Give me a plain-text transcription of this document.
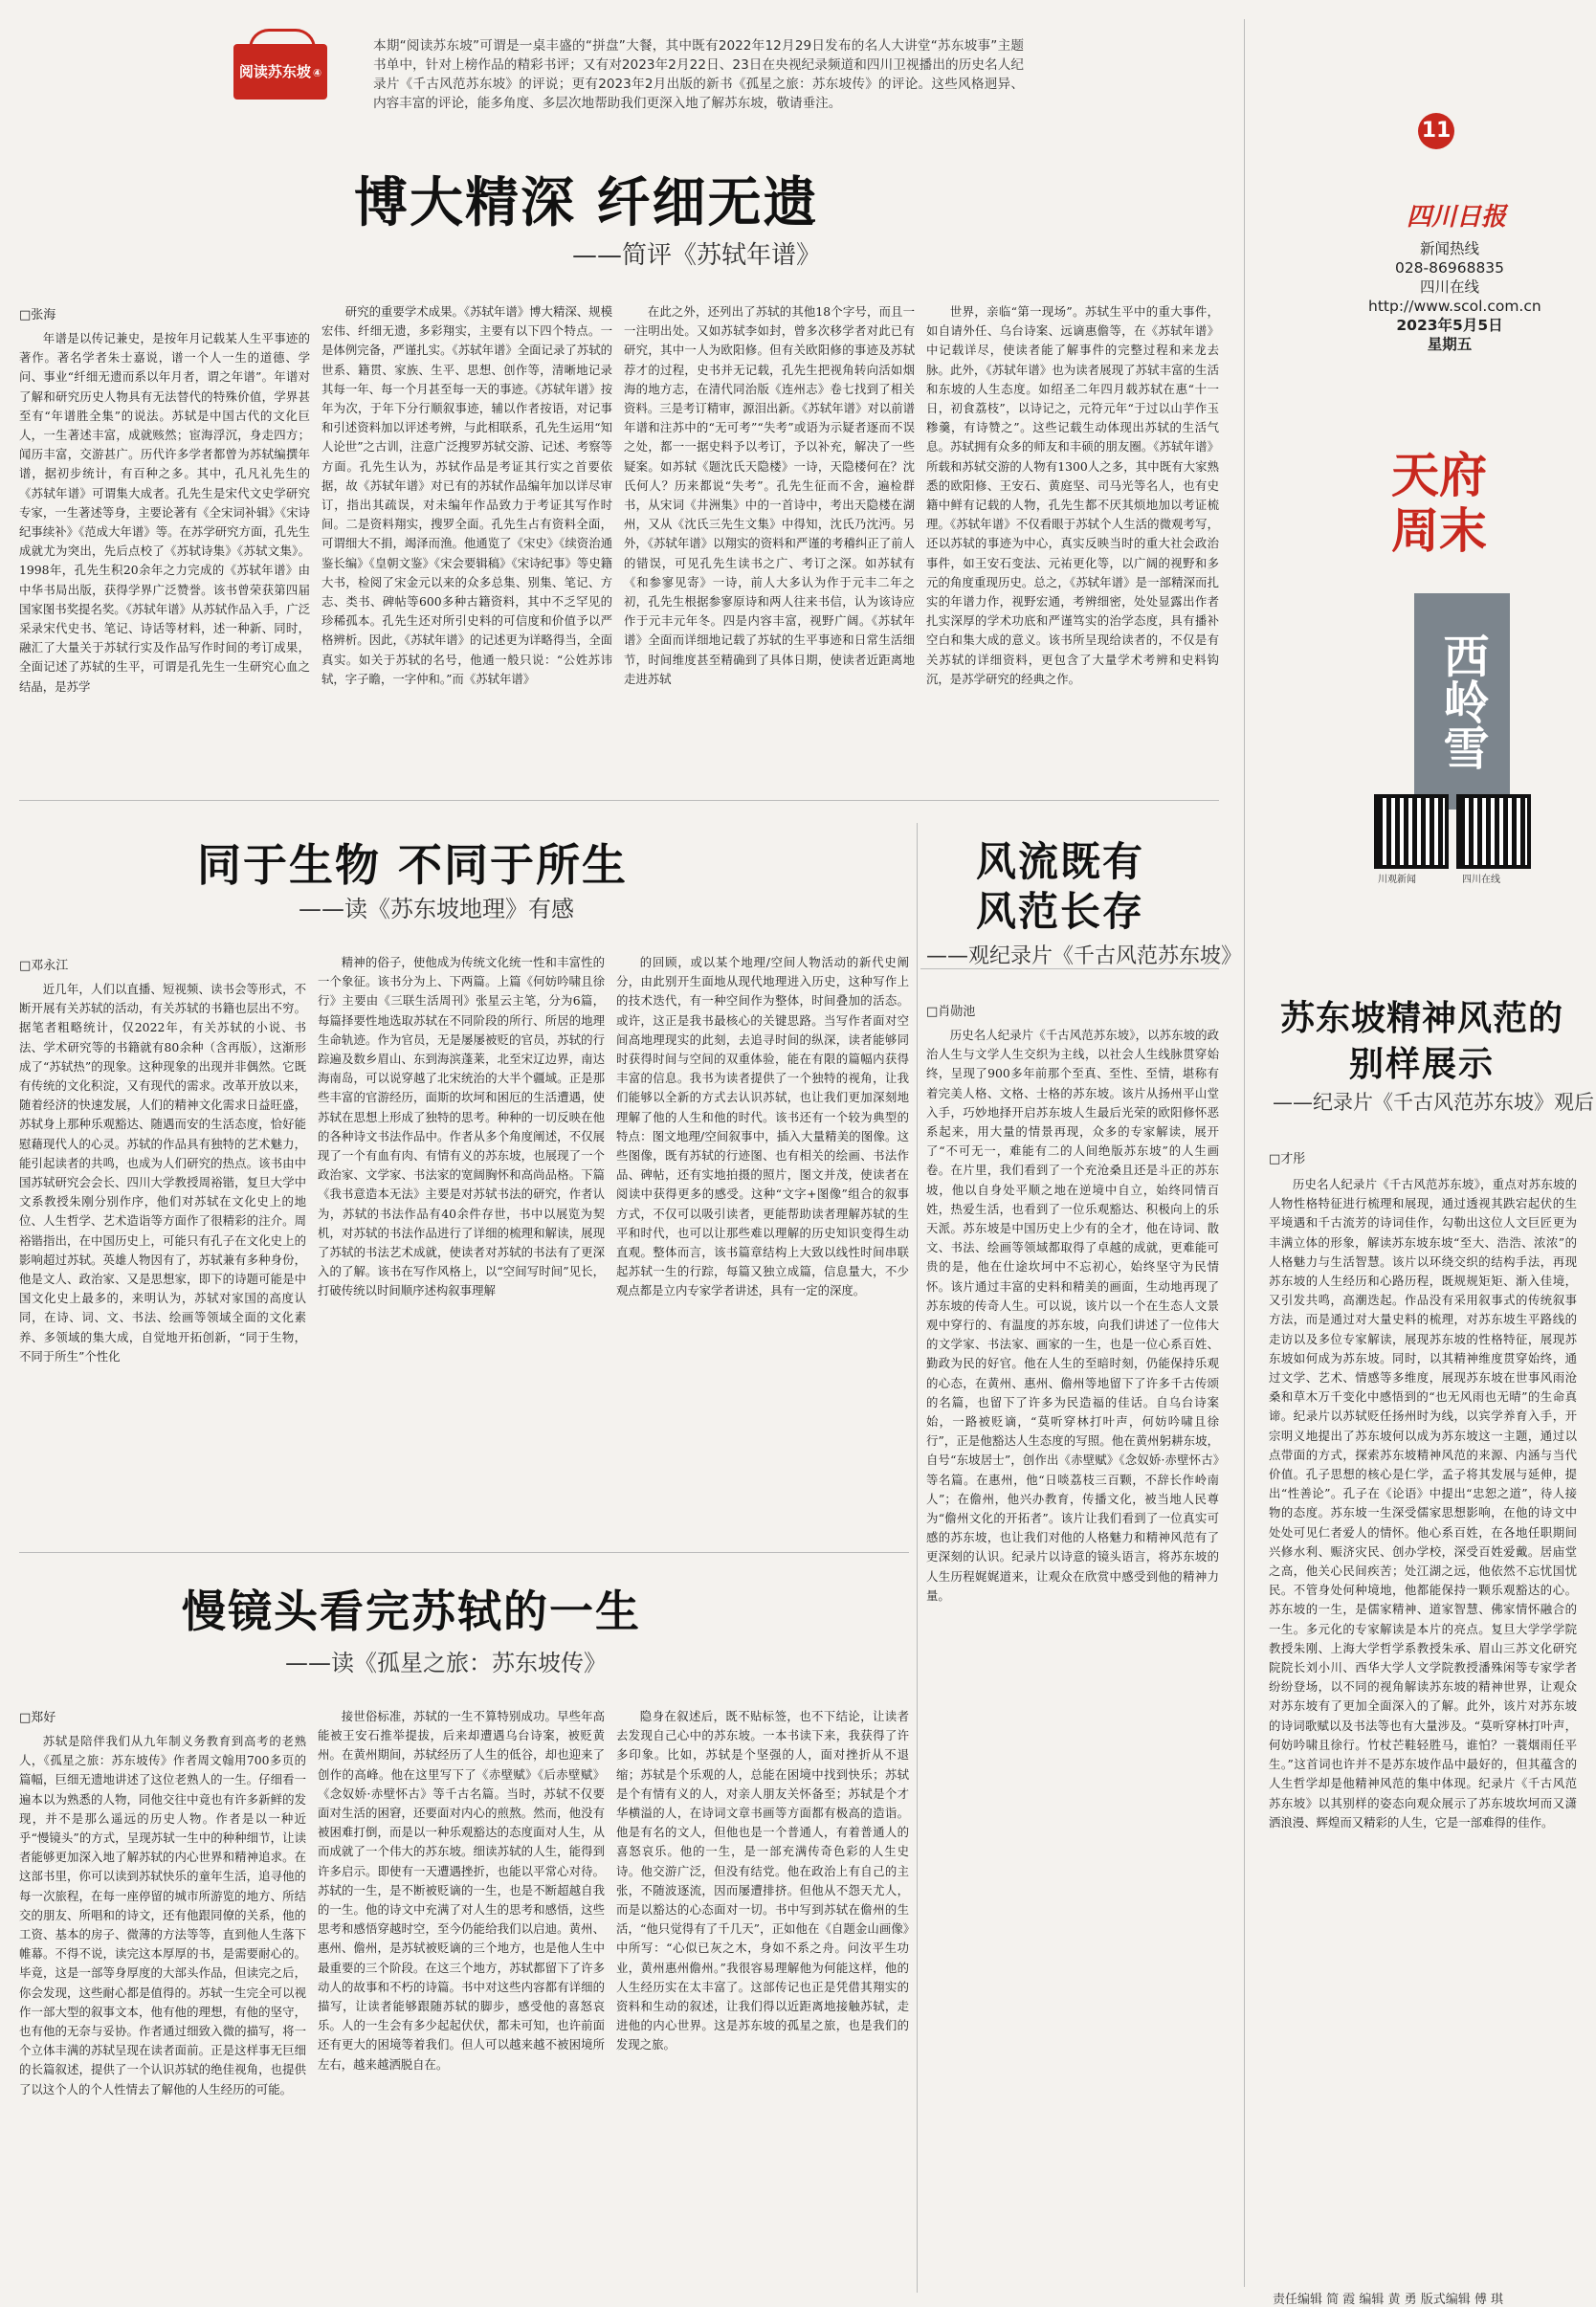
阅读苏东坡 ④
本期“阅读苏东坡”可谓是一桌丰盛的“拼盘”大餐，其中既有2022年12月29日发布的名人大讲堂“苏东坡事”主题书单中，针对上榜作品的精彩书评；又有对2023年2月22日、23日在央视纪录频道和四川卫视播出的历史名人纪录片《千古风范苏东坡》的评说；更有2023年2月出版的新书《孤星之旅：苏东坡传》的评论。这些风格迥异、内容丰富的评论，能多角度、多层次地帮助我们更深入地了解苏东坡，敬请垂注。
博大精深 纤细无遗
——简评《苏轼年谱》
□张海

年谱是以传记兼史，是按年月记载某人生平事迹的著作。著名学者朱士嘉说，谱一个人一生的道德、学问、事业“纤细无遗而系以年月者，谓之年谱”。年谱对了解和研究历史人物具有无法替代的特殊价值，学界甚至有“年谱胜全集”的说法。苏轼是中国古代的文化巨人，一生著述丰富，成就赅然；宦海浮沉，身走四方；闻历丰富，交游甚广。历代许多学者都曾为苏轼编撰年谱，据初步统计，有百种之多。其中，孔凡礼先生的《苏轼年谱》可谓集大成者。孔先生是宋代文史学研究专家，一生著述等身，主要论著有《全宋词补辑》《宋诗纪事续补》《范成大年谱》等。在苏学研究方面，孔先生成就尤为突出，先后点校了《苏轼诗集》《苏轼文集》。1998年，孔先生积20余年之力完成的《苏轼年谱》由中华书局出版，获得学界广泛赞誉。该书曾荣获第四届国家图书奖提名奖。《苏轼年谱》从苏轼作品入手，广泛采录宋代史书、笔记、诗话等材料，述一种新、同时，融汇了大量关于苏轼行实及作品写作时间的考订成果，全面记述了苏轼的生平，可谓是孔先生一生研究心血之结晶，是苏学

研究的重要学术成果。《苏轼年谱》博大精深、规模宏伟、纤细无遗，多彩翔实，主要有以下四个特点。一是体例完备，严谨扎实。《苏轼年谱》全面记录了苏轼的世系、籍贯、家族、生平、思想、创作等，清晰地记录其每一年、每一个月甚至每一天的事迹。《苏轼年谱》按年为次，于年下分行顺叙事迹，辅以作者按语，对记事和引述资料加以评述考辨，与此相联系，孔先生运用“知人论世”之古训，注意广泛搜罗苏轼交游、记述、考察等方面。孔先生认为，苏轼作品是考证其行实之首要依据，故《苏轼年谱》对已有的苏轼作品编年加以详尽审订，指出其疏误，对未编年作品致力于考证其写作时间。二是资料翔实，搜罗全面。孔先生占有资料全面，可谓细大不捐，竭泽而渔。他通览了《宋史》《续资治通鉴长编》《皇朝文鉴》《宋会要辑稿》《宋诗纪事》等史籍大书，检阅了宋金元以来的众多总集、别集、笔记、方志、类书、碑帖等600多种古籍资料，其中不乏罕见的珍稀孤本。孔先生还对所引史料的可信度和价值予以严格辨析。因此，《苏轼年谱》的记述更为详略得当，全面真实。如关于苏轼的名号，他通一般只说：“公姓苏讳轼，字子瞻，一字仲和。”而《苏轼年谱》

在此之外，还列出了苏轼的其他18个字号，而且一一注明出处。又如苏轼李如封，曾多次移学者对此已有研究，其中一人为欧阳修。但有关欧阳修的事迹及苏轼荐才的过程，史书并无记载，孔先生把视角转向活如烟海的地方志，在清代同治版《连州志》卷七找到了相关资料。三是考订精审，源泪出新。《苏轼年谱》对以前谱年谱和注苏中的“无可考”“失考”或语为示疑者逐而不误之处，都一一据史料予以考订，予以补充，解决了一些疑案。如苏轼《题沈氏天隐楼》一诗，天隐楼何在？沈氏何人？历来都说“失考”。孔先生征而不舍，遍检群书，从宋词《井洲集》中的一首诗中，考出天隐楼在湖州，又从《沈氏三先生文集》中得知，沈氏乃沈沔。另外，《苏轼年谱》以翔实的资料和严谨的考稽纠正了前人的错误，可见孔先生读书之广、考订之深。如苏轼有《和参寥见寄》一诗，前人大多认为作于元丰二年之初，孔先生根据参寥原诗和两人往来书信，认为该诗应作于元丰元年冬。四是内容丰富，视野广阔。《苏轼年谱》全面而详细地记载了苏轼的生平事迹和日常生活细节，时间维度甚至精确到了具体日期，使读者近距离地走进苏轼

世界，亲临“第一现场”。苏轼生平中的重大事件，如自请外任、乌台诗案、远谪惠儋等，在《苏轼年谱》中记载详尽，使读者能了解事件的完整过程和来龙去脉。此外，《苏轼年谱》也为读者展现了苏轼丰富的生活和东坡的人生态度。如绍圣二年四月载苏轼在惠“十一日，初食荔枝”，以诗记之，元符元年“于过以山芋作玉糁羹，有诗赞之”。这些记载生动体现出苏轼的生活气息。苏轼拥有众多的师友和丰硕的朋友圈。《苏轼年谱》所载和苏轼交游的人物有1300人之多，其中既有大家熟悉的欧阳修、王安石、黄庭坚、司马光等名人，也有史籍中鲜有记载的人物，孔先生都不厌其烦地加以考证梳理。《苏轼年谱》不仅看眼于苏轼个人生活的微观考写，还以苏轼的事迹为中心，真实反映当时的重大社会政治事件，如王安石变法、元祐更化等，以广阔的视野和多元的角度重现历史。总之，《苏轼年谱》是一部精深而扎实的年谱力作，视野宏通，考辨细密，处处显露出作者扎实深厚的学术功底和严谨笃实的治学态度，具有播补空白和集大成的意义。该书所呈现给读者的，不仅是有关苏轼的详细资料，更包含了大量学术考辨和史料钩沉，是苏学研究的经典之作。

同于生物 不同于所生
——读《苏东坡地理》有感
□邓永江

近几年，人们以直播、短视频、读书会等形式，不断开展有关苏轼的活动，有关苏轼的书籍也层出不穷。据笔者粗略统计，仅2022年，有关苏轼的小说、书法、学术研究等的书籍就有80余种（含再版），这渐形成了“苏轼热”的现象。这种现象的出现并非偶然。它既有传统的文化积淀，又有现代的需求。改革开放以来，随着经济的快速发展，人们的精神文化需求日益旺盛，苏轼身上那种乐观豁达、随遇而安的生活态度，恰好能慰藉现代人的心灵。苏轼的作品具有独特的艺术魅力，能引起读者的共鸣，也成为人们研究的热点。该书由中国苏轼研究会会长、四川大学教授周裕锴，复旦大学中文系教授朱刚分别作序，他们对苏轼在文化史上的地位、人生哲学、艺术造诣等方面作了很精彩的注介。周裕锴指出，在中国历史上，可能只有孔子在文化史上的影响超过苏轼。英雄人物因有了，苏轼兼有多种身份，他是文人、政治家、又是思想家，即下的诗题可能是中国文化史上最多的，来明认为，苏轼对家国的高度认同，在诗、词、文、书法、绘画等领域全面的文化素养、多领域的集大成，自觉地开拓创新，“同于生物，不同于所生”个性化

精神的俗子，使他成为传统文化统一性和丰富性的一个象征。该书分为上、下两篇。上篇《何妨吟啸且徐行》主要由《三联生活周刊》张星云主笔，分为6篇，每篇择要性地选取苏轼在不同阶段的所行、所居的地理生命轨迹。作为官员，无是屡屡被贬的官员，苏轼的行踪遍及数乡眉山、东到海滨蓬莱，北至宋辽边界，南达海南岛，可以说穿越了北宋统治的大半个疆域。正是那些丰富的官游经历，面斯的坎坷和困厄的生活遭遇，使苏轼在思想上形成了独特的思考。种种的一切反映在他的各种诗文书法作品中。作者从多个角度阐述，不仅展现了一个有血有肉、有情有义的苏东坡，也展现了一个政治家、文学家、书法家的宽阔胸怀和高尚品格。下篇《我书意造本无法》主要是对苏轼书法的研究，作者认为，苏轼的书法作品有40余件存世，书中以展览为契机，对苏轼的书法作品进行了详细的梳理和解读，展现了苏轼的书法艺术成就，使读者对苏轼的书法有了更深入的了解。该书在写作风格上，以“空间写时间”见长，打破传统以时间顺序述构叙事理解

的回顾，或以某个地理/空间人物活动的新代史阐分，由此别开生面地从现代地理进入历史，这种写作上的技术迭代，有一种空间作为整体，时间叠加的活态。或许，这正是我书最核心的关键思路。当写作者面对空间高地理现实的此刻，去追寻时间的纵深，读者能够同时获得时间与空间的双重体验，能在有限的篇幅内获得丰富的信息。我书为读者提供了一个独特的视角，让我们能够以全新的方式去认识苏轼，也让我们更加深刻地理解了他的人生和他的时代。该书还有一个较为典型的特点：图文地理/空间叙事中，插入大量精美的图像。这些图像，既有苏轼的行迹图、也有相关的绘画、书法作品、碑帖，还有实地拍摄的照片，图文并茂，使读者在阅读中获得更多的感受。这种“文字+图像”组合的叙事方式，不仅可以吸引读者，更能帮助读者理解苏轼的生平和时代，也可以让那些难以理解的历史知识变得生动直观。整体而言，该书篇章结构上大致以线性时间串联起苏轼一生的行踪，每篇又独立成篇，信息量大，不少观点都是立内专家学者讲述，具有一定的深度。

风流既有
风范长存
——观纪录片《千古风范苏东坡》
□肖勋池

历史名人纪录片《千古风范苏东坡》，以苏东坡的政治人生与文学人生交织为主线，以社会人生线脉贯穿始终，呈现了900多年前那个至真、至性、至情，堪称有着完美人格、文格、士格的苏东坡。该片从扬州平山堂入手，巧妙地择开启苏东坡人生最后光荣的欧阳修怀恶系起来，用大量的情景再现，众多的专家解读，展开了“不可无一，难能有二的人间绝版苏东坡”的人生画卷。在片里，我们看到了一个充沧桑且还是斗正的苏东坡，他以自身处平顺之地在逆境中自立，始终同情百姓，热爱生活，也看到了一位乐观豁达、积极向上的乐天派。苏东坡是中国历史上少有的全才，他在诗词、散文、书法、绘画等领域都取得了卓越的成就，更难能可贵的是，他在仕途坎坷中不忘初心，始终坚守为民情怀。该片通过丰富的史料和精美的画面，生动地再现了苏东坡的传奇人生。可以说，该片以一个在生态人文景观中穿行的、有温度的苏东坡，向我们讲述了一位伟大的文学家、书法家、画家的一生，也是一位心系百姓、勤政为民的好官。他在人生的至暗时刻，仍能保持乐观的心态，在黄州、惠州、儋州等地留下了许多千古传颂的名篇，也留下了许多为民造福的佳话。自乌台诗案始，一路被贬谪，“莫听穿林打叶声，何妨吟啸且徐行”，正是他豁达人生态度的写照。他在黄州躬耕东坡，自号“东坡居士”，创作出《赤壁赋》《念奴娇·赤壁怀古》等名篇。在惠州，他“日啖荔枝三百颗，不辞长作岭南人”；在儋州，他兴办教育，传播文化，被当地人民尊为“儋州文化的开拓者”。该片让我们看到了一位真实可感的苏东坡，也让我们对他的人格魅力和精神风范有了更深刻的认识。纪录片以诗意的镜头语言，将苏东坡的人生历程娓娓道来，让观众在欣赏中感受到他的精神力量。

苏东坡精神风范的
别样展示
——纪录片《千古风范苏东坡》观后
□才彤

历史名人纪录片《千古风范苏东坡》，重点对苏东坡的人物性格特征进行梳理和展现，通过透视其跌宕起伏的生平境遇和千古流芳的诗词佳作，勾勒出这位人文巨匠更为丰满立体的形象，解读苏东坡东坡“至大、浩浩、浓浓”的人格魅力与生活智慧。该片以环绕交织的结构手法，再现苏东坡的人生经历和心路历程，既规规矩矩、渐入佳境，又引发共鸣，高潮迭起。作品没有采用叙事式的传统叙事方法，而是通过对大量史料的梳理，对苏东坡生平路线的走访以及多位专家解读，展现苏东坡的性格特征，展现苏东坡如何成为苏东坡。同时，以其精神维度贯穿始终，通过文学、艺术、情感等多维度，展现苏东坡在世事风雨沧桑和草木万千变化中感悟到的“也无风雨也无晴”的生命真谛。纪录片以苏轼贬任扬州时为线，以宾学养育入手，开宗明义地提出了苏东坡何以成为苏东坡这一主题，通过以点带面的方式，探索苏东坡精神风范的来源、内涵与当代价值。孔子思想的核心是仁学，孟子将其发展与延伸，提出“性善论”。孔子在《论语》中提出“忠恕之道”，待人接物的态度。苏东坡一生深受儒家思想影响，在他的诗文中处处可见仁者爱人的情怀。他心系百姓，在各地任职期间兴修水利、赈济灾民、创办学校，深受百姓爱戴。居庙堂之高，他关心民间疾苦；处江湖之远，他依然不忘忧国忧民。不管身处何种境地，他都能保持一颗乐观豁达的心。苏东坡的一生，是儒家精神、道家智慧、佛家情怀融合的一生。多元化的专家解读是本片的亮点。复旦大学学学院教授朱刚、上海大学哲学系教授朱承、眉山三苏文化研究院院长刘小川、西华大学人文学院教授潘殊闲等专家学者纷纷登场，以不同的视角解读苏东坡的精神世界，让观众对苏东坡有了更加全面深入的了解。此外，该片对苏东坡的诗词歌赋以及书法等也有大量涉及。“莫听穿林打叶声，何妨吟啸且徐行。竹杖芒鞋轻胜马，谁怕？一蓑烟雨任平生。”这首词也许并不是苏东坡作品中最好的，但其蕴含的人生哲学却是他精神风范的集中体现。纪录片《千古风范苏东坡》以其别样的姿态向观众展示了苏东坡坎坷而又潇洒浪漫、辉煌而又精彩的人生，它是一部难得的佳作。

慢镜头看完苏轼的一生
——读《孤星之旅：苏东坡传》
□郑好

苏轼是陪伴我们从九年制义务教育到高考的老熟人，《孤星之旅：苏东坡传》作者周文翰用700多页的篇幅，巨细无遗地讲述了这位老熟人的一生。仔细看一遍本以为熟悉的人物，同他交往中竟也有许多新鲜的发现，并不是那么遥远的历史人物。作者是以一种近乎“慢镜头”的方式，呈现苏轼一生中的种种细节，让读者能够更加深入地了解苏轼的内心世界和精神追求。在这部书里，你可以读到苏轼快乐的童年生活，追寻他的每一次旅程，在每一座停留的城市所游览的地方、所结交的朋友、所唱和的诗文，还有他跟同僚的关系，他的工资、基本的房子、微薄的方法等等，直到他人生落下帷幕。不得不说，读完这本厚厚的书，是需要耐心的。毕竟，这是一部等身厚度的大部头作品，但读完之后，你会发现，这些耐心都是值得的。苏轼一生完全可以视作一部大型的叙事文本，他有他的理想，有他的坚守，也有他的无奈与妥协。作者通过细致入微的描写，将一个立体丰满的苏轼呈现在读者面前。正是这样事无巨细的长篇叙述，提供了一个认识苏轼的绝佳视角，也提供了以这个人的个人性情去了解他的人生经历的可能。

接世俗标准，苏轼的一生不算特别成功。早些年高能被王安石推举提拔，后来却遭遇乌台诗案，被贬黄州。在黄州期间，苏轼经历了人生的低谷，却也迎来了创作的高峰。他在这里写下了《赤壁赋》《后赤壁赋》《念奴娇·赤壁怀古》等千古名篇。当时，苏轼不仅要面对生活的困窘，还要面对内心的煎熬。然而，他没有被困难打倒，而是以一种乐观豁达的态度面对人生，从而成就了一个伟大的苏东坡。细读苏轼的人生，能得到许多启示。即使有一天遭遇挫折，也能以平常心对待。苏轼的一生，是不断被贬谪的一生，也是不断超越自我的一生。他的诗文中充满了对人生的思考和感悟，这些思考和感悟穿越时空，至今仍能给我们以启迪。黄州、惠州、儋州，是苏轼被贬谪的三个地方，也是他人生中最重要的三个阶段。在这三个地方，苏轼都留下了许多动人的故事和不朽的诗篇。书中对这些内容都有详细的描写，让读者能够跟随苏轼的脚步，感受他的喜怒哀乐。人的一生会有多少起起伏伏，都未可知，也许前面还有更大的困境等着我们。但人可以越来越不被困境所左右，越来越洒脱自在。

隐身在叙述后，既不贴标签，也不下结论，让读者去发现自己心中的苏东坡。一本书读下来，我获得了许多印象。比如，苏轼是个坚强的人，面对挫折从不退缩；苏轼是个乐观的人，总能在困境中找到快乐；苏轼是个有情有义的人，对亲人朋友关怀备至；苏轼是个才华横溢的人，在诗词文章书画等方面都有极高的造诣。他是有名的文人，但他也是一个普通人，有着普通人的喜怒哀乐。他的一生，是一部充满传奇色彩的人生史诗。他交游广泛，但没有结党。他在政治上有自己的主张，不随波逐流，因而屡遭排挤。但他从不怨天尤人，而是以豁达的心态面对一切。书中写到苏轼在儋州的生活，“他只觉得有了千几天”，正如他在《自题金山画像》中所写：“心似已灰之木，身如不系之舟。问汝平生功业，黄州惠州儋州。”我很容易理解他为何能这样，他的人生经历实在太丰富了。这部传记也正是凭借其翔实的资料和生动的叙述，让我们得以近距离地接触苏轼，走进他的内心世界。这是苏东坡的孤星之旅，也是我们的发现之旅。

11
四川日报
新闻热线
028-86968835
四川在线
http://www.scol.com.cn
2023年5月5日
星期五
天府周末
西岭雪
川观新闻	四川在线
责任编辑 简 霞 编辑 黄 勇 版式编辑 傅 琪
